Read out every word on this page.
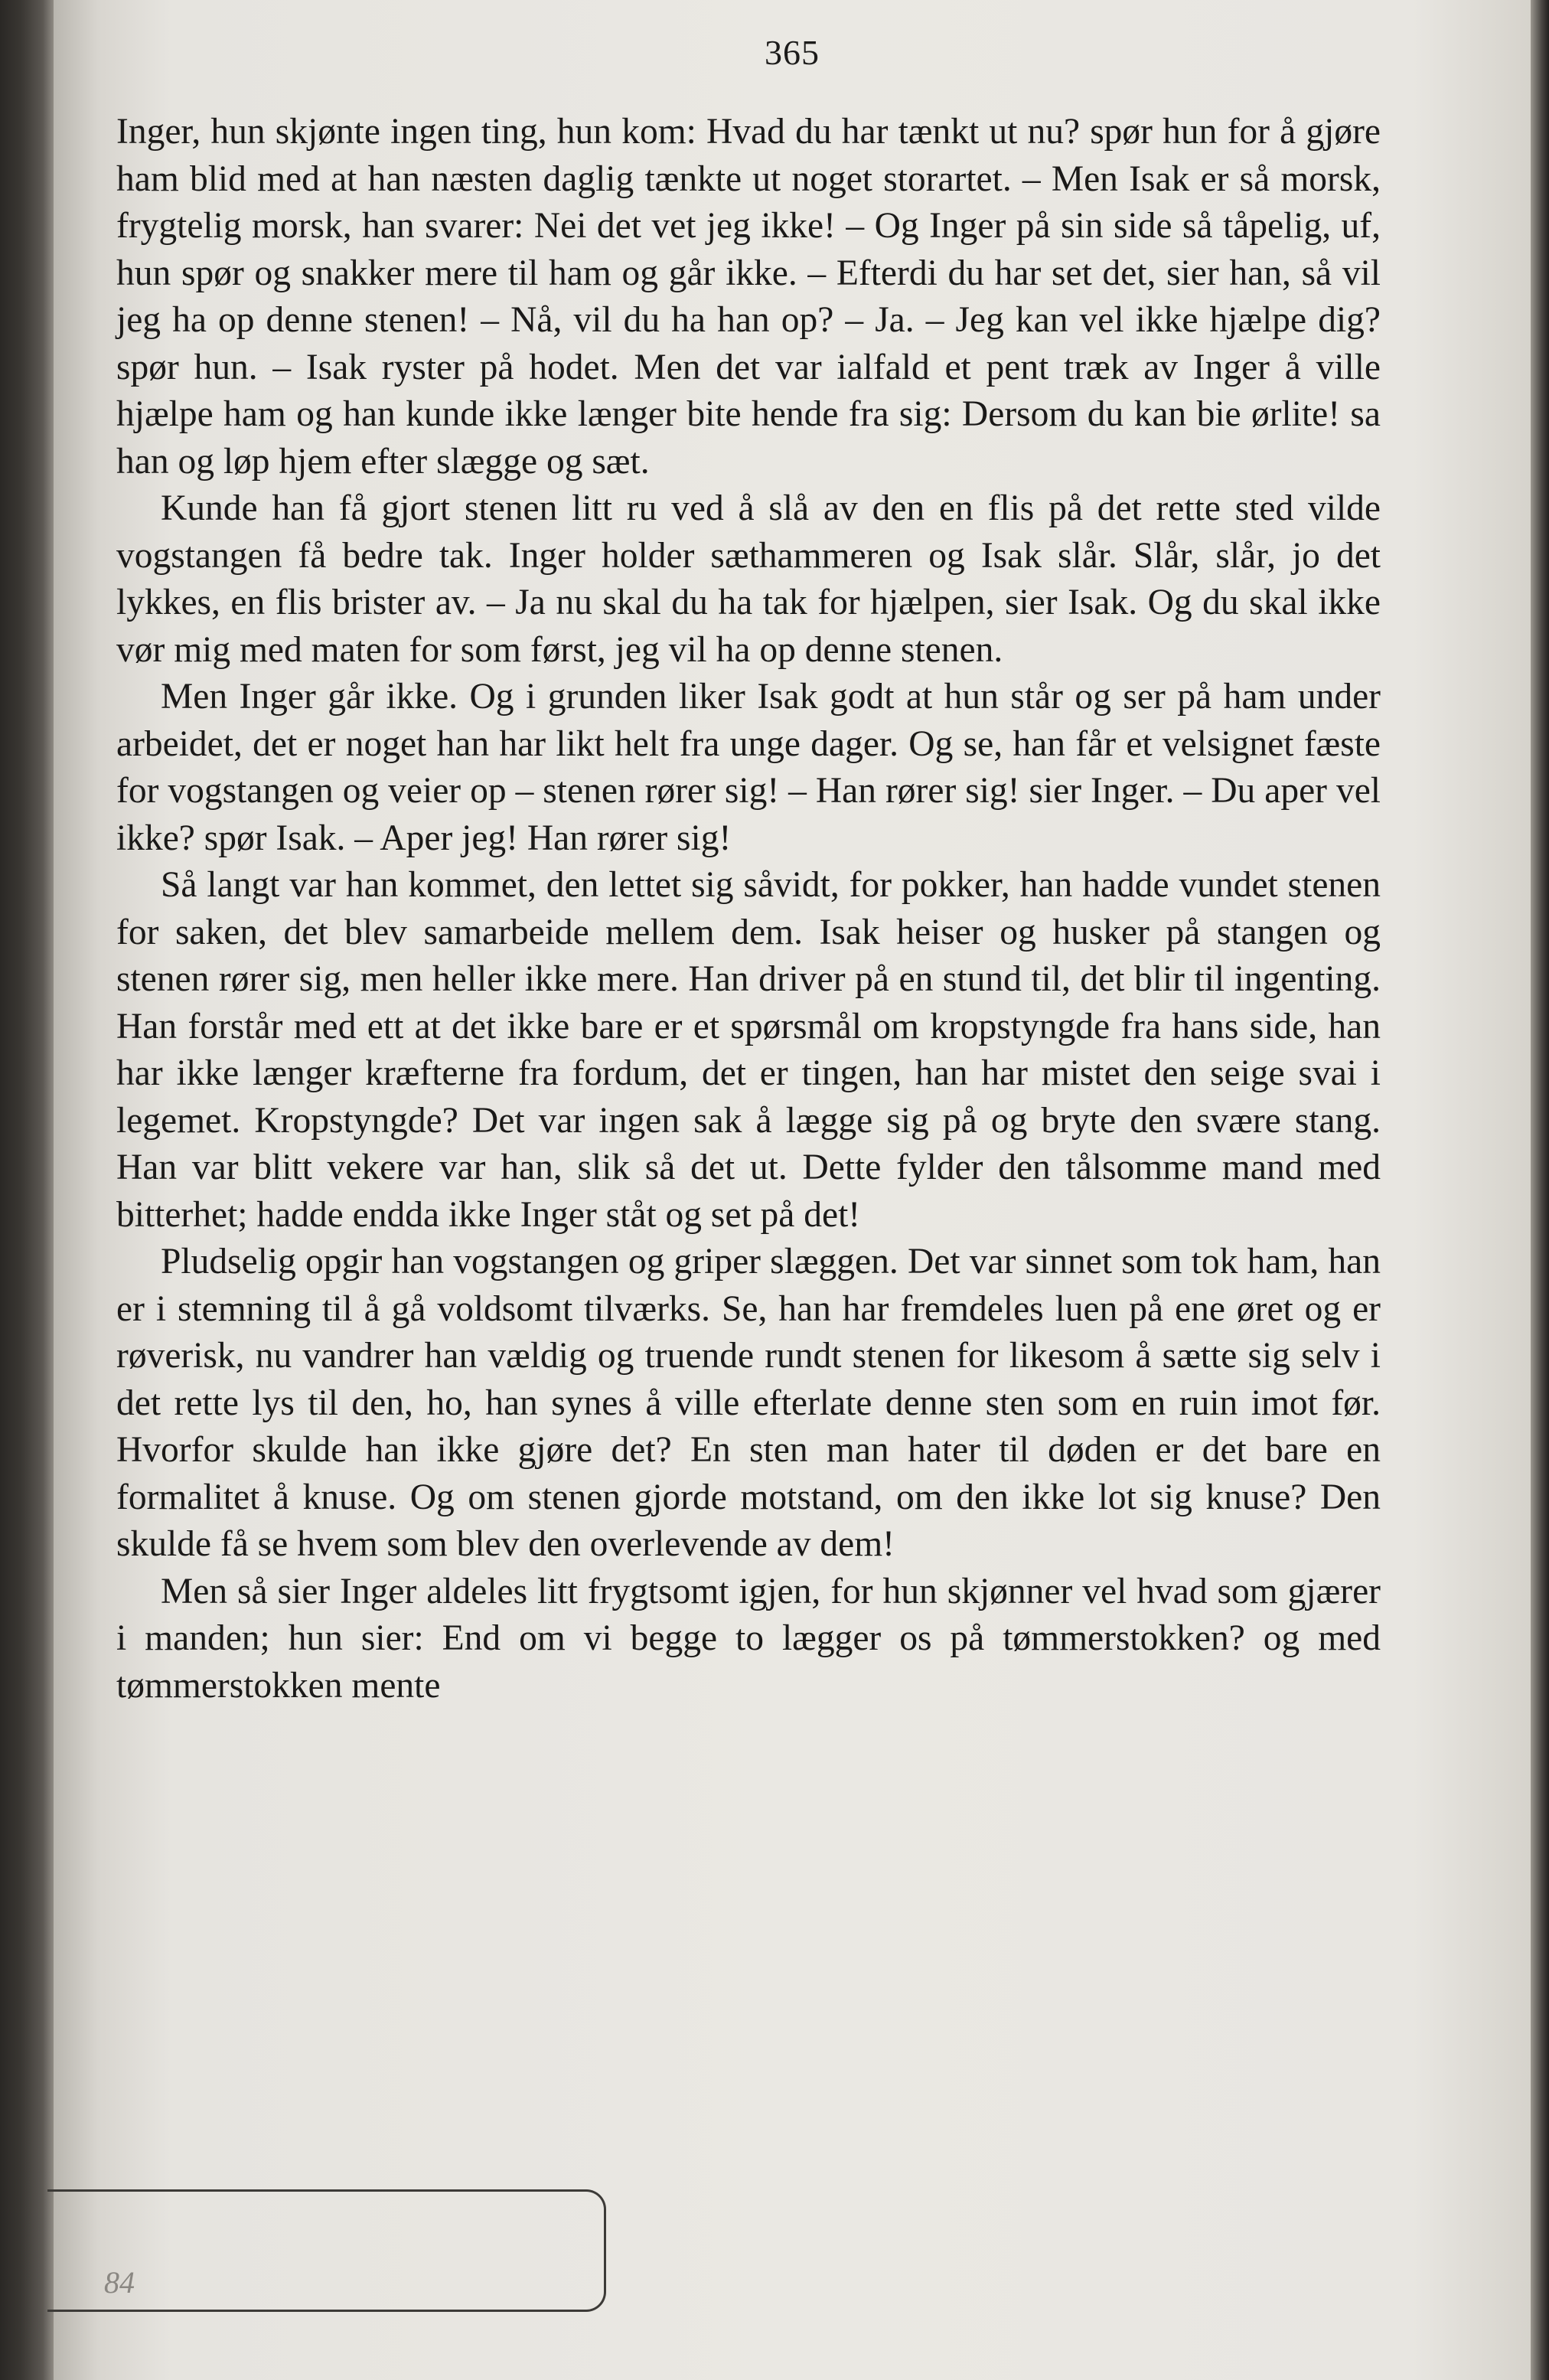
365

Inger, hun skjønte ingen ting, hun kom: Hvad du har tænkt ut nu? spør hun for å gjøre ham blid med at han næsten daglig tænkte ut noget storartet. – Men Isak er så morsk, frygtelig morsk, han svarer: Nei det vet jeg ikke! – Og Inger på sin side så tåpelig, uf, hun spør og snakker mere til ham og går ikke. – Efterdi du har set det, sier han, så vil jeg ha op denne stenen! – Nå, vil du ha han op? – Ja. – Jeg kan vel ikke hjælpe dig? spør hun. – Isak ryster på hodet. Men det var ialfald et pent træk av Inger å ville hjælpe ham og han kunde ikke længer bite hende fra sig: Dersom du kan bie ørlite! sa han og løp hjem efter slægge og sæt.

Kunde han få gjort stenen litt ru ved å slå av den en flis på det rette sted vilde vogstangen få bedre tak. Inger holder sæthammeren og Isak slår. Slår, slår, jo det lykkes, en flis brister av. – Ja nu skal du ha tak for hjælpen, sier Isak. Og du skal ikke vør mig med maten for som først, jeg vil ha op denne stenen.

Men Inger går ikke. Og i grunden liker Isak godt at hun står og ser på ham under arbeidet, det er noget han har likt helt fra unge dager. Og se, han får et velsignet fæste for vogstangen og veier op – stenen rører sig! – Han rører sig! sier Inger. – Du aper vel ikke? spør Isak. – Aper jeg! Han rører sig!

Så langt var han kommet, den lettet sig såvidt, for pokker, han hadde vundet stenen for saken, det blev samarbeide mellem dem. Isak heiser og husker på stangen og stenen rører sig, men heller ikke mere. Han driver på en stund til, det blir til ingenting. Han forstår med ett at det ikke bare er et spørsmål om kropstyngde fra hans side, han har ikke længer kræfterne fra fordum, det er tingen, han har mistet den seige svai i legemet. Kropstyngde? Det var ingen sak å lægge sig på og bryte den svære stang. Han var blitt vekere var han, slik så det ut. Dette fylder den tålsomme mand med bitterhet; hadde endda ikke Inger ståt og set på det!

Pludselig opgir han vogstangen og griper slæggen. Det var sinnet som tok ham, han er i stemning til å gå voldsomt tilværks. Se, han har fremdeles luen på ene øret og er røverisk, nu vandrer han vældig og truende rundt stenen for likesom å sætte sig selv i det rette lys til den, ho, han synes å ville efterlate denne sten som en ruin imot før. Hvorfor skulde han ikke gjøre det? En sten man hater til døden er det bare en formalitet å knuse. Og om stenen gjorde motstand, om den ikke lot sig knuse? Den skulde få se hvem som blev den overlevende av dem!

Men så sier Inger aldeles litt frygtsomt igjen, for hun skjønner vel hvad som gjærer i manden; hun sier: End om vi begge to lægger os på tømmerstokken? og med tømmerstokken mente

84
